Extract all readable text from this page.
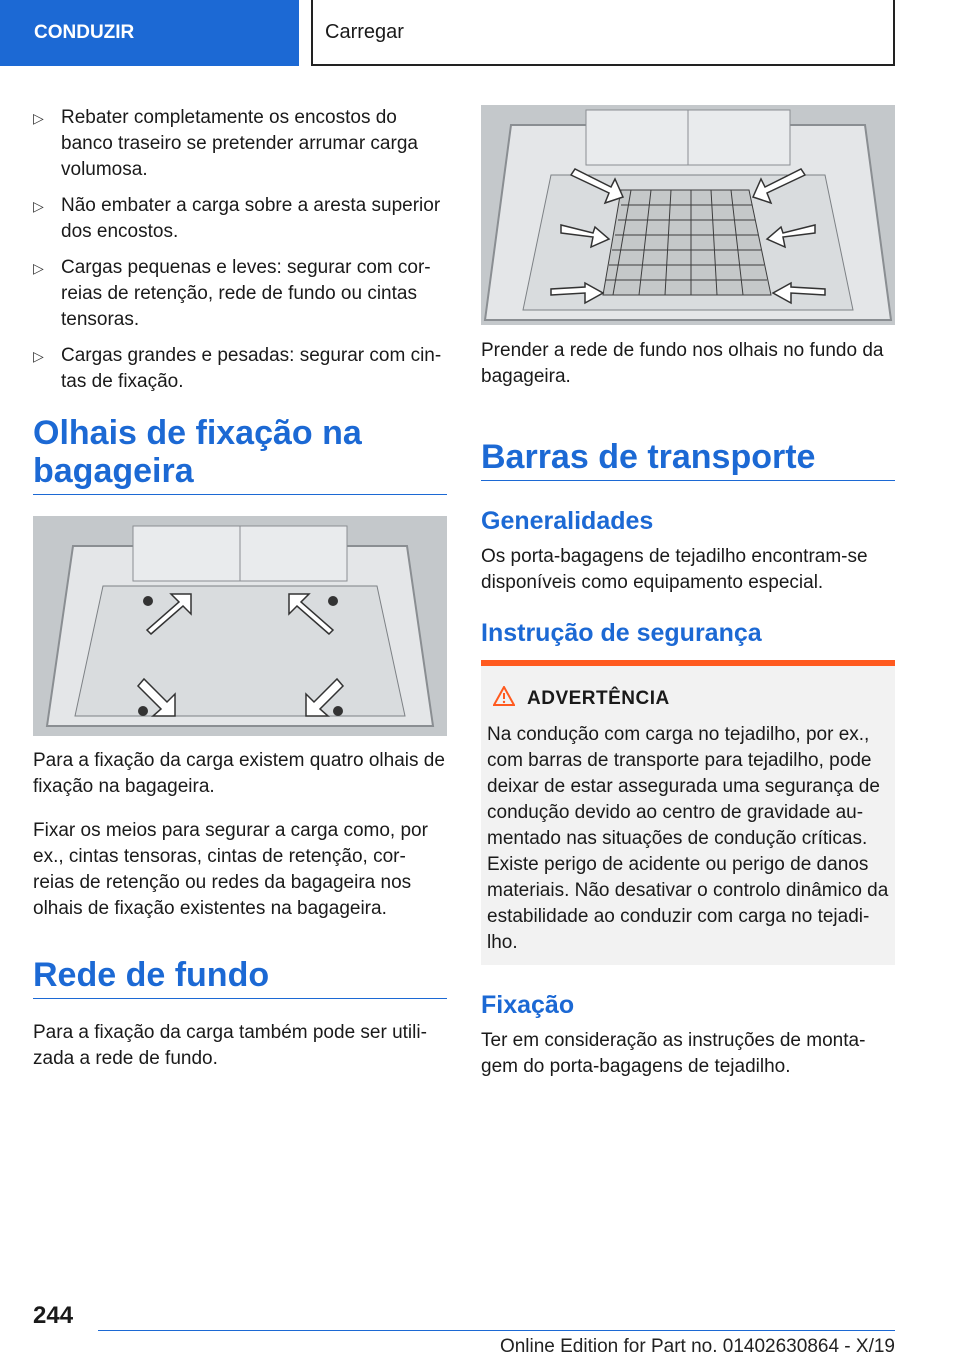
CONDUZIR	Carregar
▷ Rebater completamente os encostos do banco traseiro se pretender arrumar carga volumosa.
▷ Não embater a carga sobre a aresta superior dos encostos.
▷ Cargas pequenas e leves: segurar com cor- reias de retenção, rede de fundo ou cintas tensoras.
▷ Cargas grandes e pesadas: segurar com cin- tas de fixação.
Olhais de fixação na
bagageira
Para a fixação da carga existem quatro olhais de fixação na bagageira.
Fixar os meios para segurar a carga como, por ex., cintas tensoras, cintas de retenção, cor- reias de retenção ou redes da bagageira nos olhais de fixação existentes na bagageira.
Rede de fundo
Para a fixação da carga também pode ser utili- zada a rede de fundo.
Prender a rede de fundo nos olhais no fundo da bagageira.
Barras de transporte
Generalidades
Os porta-bagagens de tejadilho encontram-se disponíveis como equipamento especial.
Instrução de segurança
ADVERTÊNCIA
Na condução com carga no tejadilho, por ex., com barras de transporte para tejadilho, pode deixar de estar assegurada uma segurança de condução devido ao centro de gravidade au- mentado nas situações de condução críticas. Existe perigo de acidente ou perigo de danos materiais. Não desativar o controlo dinâmico da estabilidade ao conduzir com carga no tejadi- lho.
Fixação
Ter em consideração as instruções de monta- gem do porta-bagagens de tejadilho.
244
Online Edition for Part no. 01402630864 - X/19
